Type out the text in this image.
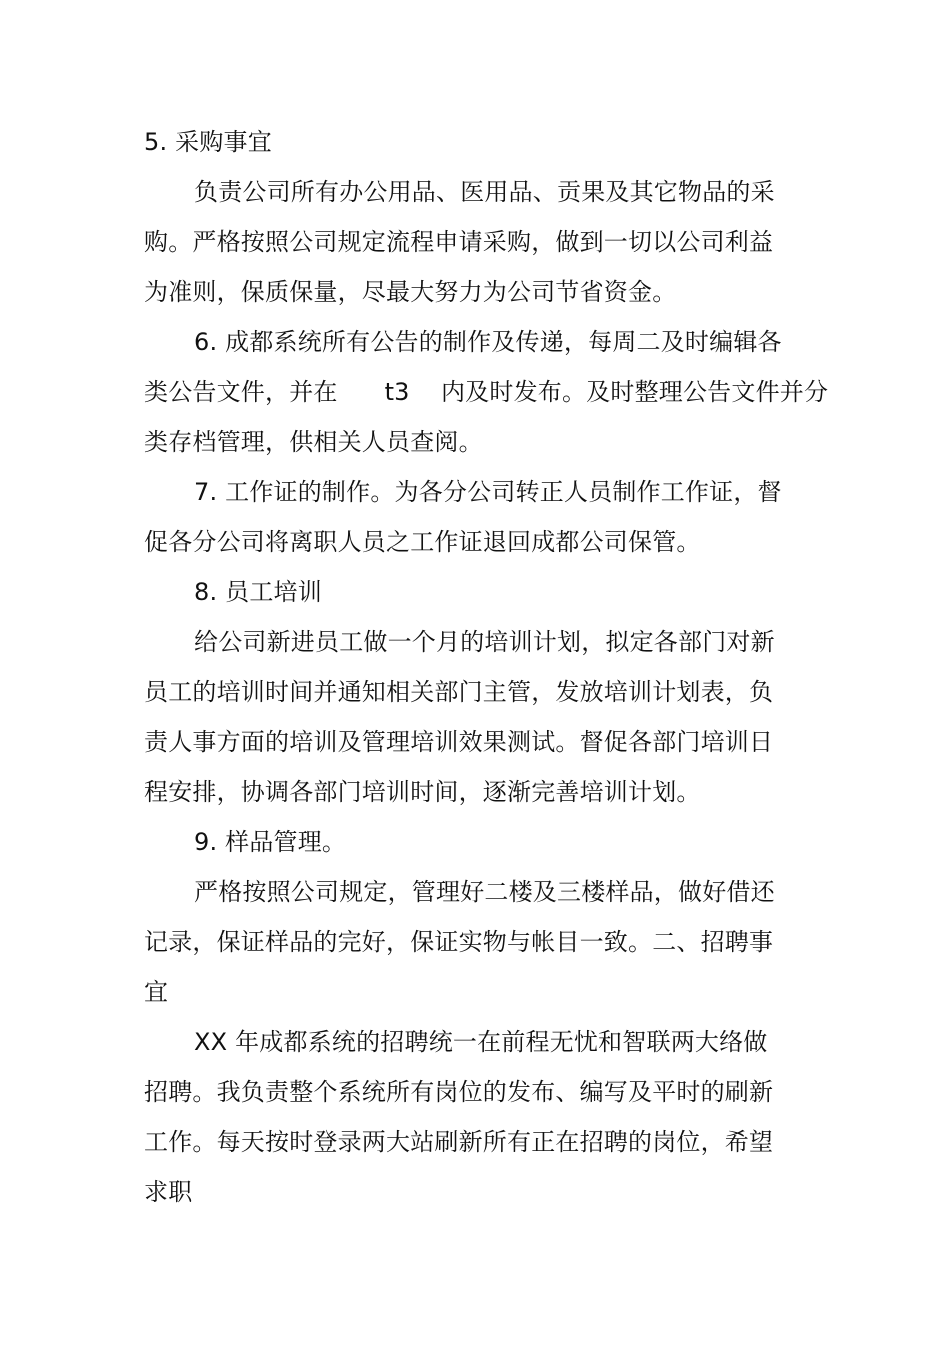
5. 采购事宜
负责公司所有办公用品、医用品、贡果及其它物品的采
购。严格按照公司规定流程申请采购，做到一切以公司利益
为准则，保质保量，尽最大努力为公司节省资金。
6. 成都系统所有公告的制作及传递，每周二及时编辑各
类公告文件，并在      t3    内及时发布。及时整理公告文件并分
类存档管理，供相关人员查阅。
7. 工作证的制作。为各分公司转正人员制作工作证，督
促各分公司将离职人员之工作证退回成都公司保管。
8. 员工培训
给公司新进员工做一个月的培训计划，拟定各部门对新
员工的培训时间并通知相关部门主管，发放培训计划表，负
责人事方面的培训及管理培训效果测试。督促各部门培训日
程安排，协调各部门培训时间，逐渐完善培训计划。
9. 样品管理。
严格按照公司规定，管理好二楼及三楼样品，做好借还
记录，保证样品的完好，保证实物与帐目一致。二、招聘事
宜
XX 年成都系统的招聘统一在前程无忧和智联两大络做
招聘。我负责整个系统所有岗位的发布、编写及平时的刷新
工作。每天按时登录两大站刷新所有正在招聘的岗位，希望
求职
